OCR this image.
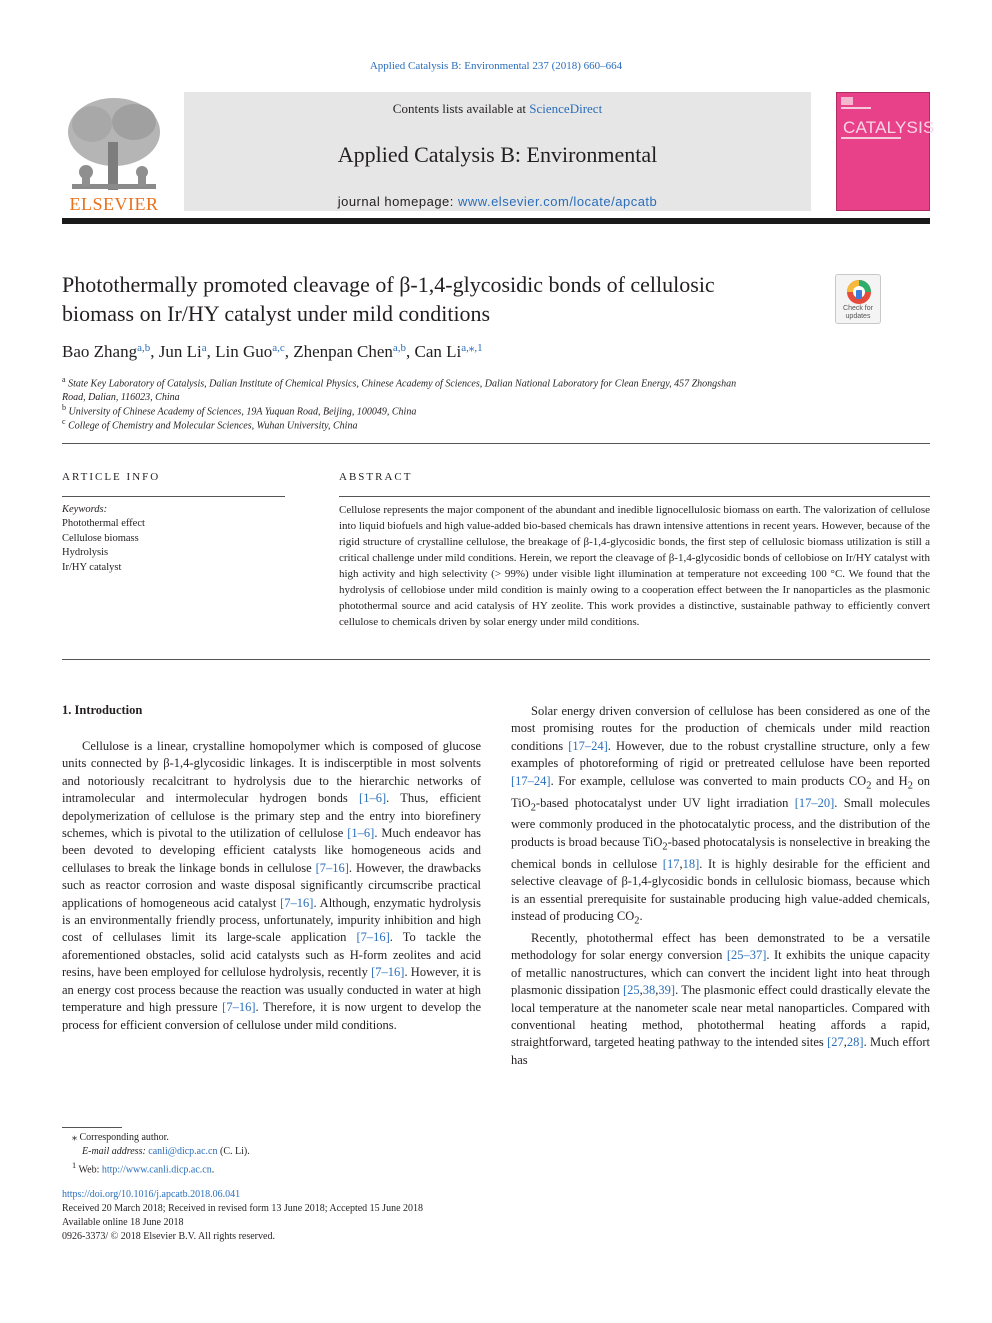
Applied Catalysis B: Environmental 237 (2018) 660–664
ELSEVIER
Contents lists available at ScienceDirect
Applied Catalysis B: Environmental
journal homepage: www.elsevier.com/locate/apcatb
CATALYSIS
Photothermally promoted cleavage of β-1,4-glycosidic bonds of cellulosic
biomass on Ir/HY catalyst under mild conditions	Check for updates
Bao Zhang$^{a,b}$, Jun Li$^a$, Lin Guo$^{a,c}$, Zhenpan Chen$^{a,b}$, Can $Li^{a,⁎,1}$
$^a$ State Key Laboratory of Catalysis, Dalian Institute of Chemical Physics, Chinese Academy of Sciences, Dalian National Laboratory for Clean Energy, 457 Zhongshan
Road, Dalian, 116023, China
$^b$ University of Chinese Academy of Sciences, 19A Yuquan Road, Beijing, 100049, China
$^c$ College of Chemistry and Molecular Sciences, Wuhan University, China
ARTICLE INFO	ABSTRACT
Keywords:
Photothermal effect
Cellulose biomass
Hydrolysis
Ir/HY catalyst
Cellulose represents the major component of the abundant and inedible lignocellulosic biomass on earth. The valorization of cellulose into liquid biofuels and high value-added bio-based chemicals has drawn intensive attentions in recent years. However, because of the rigid structure of crystalline cellulose, the breakage of β-1,4-glycosidic bonds, the first step of cellulosic biomass utilization is still a critical challenge under mild conditions. Herein, we report the cleavage of β-1,4-glycosidic bonds of cellobiose on Ir/HY catalyst with high activity and high selectivity (> 99%) under visible light illumination at temperature not exceeding 100 °C. We found that the hydrolysis of cellobiose under mild condition is mainly owing to a cooperation effect between the Ir nanoparticles as the plasmonic photothermal source and acid catalysis of HY zeolite. This work provides a distinctive, sustainable pathway to efficiently convert cellulose to chemicals driven by solar energy under mild conditions.
1. Introduction
Cellulose is a linear, crystalline homopolymer which is composed of glucose units connected by β-1,4-glycosidic linkages. It is indiscerptible in most solvents and notoriously recalcitrant to hydrolysis due to the hierarchic networks of intramolecular and intermolecular hydrogen bonds [1–6]. Thus, efficient depolymerization of cellulose is the primary step and the entry into biorefinery schemes, which is pivotal to the utilization of cellulose [1–6]. Much endeavor has been devoted to developing efficient catalysts like homogeneous acids and cellulases to break the linkage bonds in cellulose [7–16]. However, the drawbacks such as reactor corrosion and waste disposal significantly circumscribe practical applications of homogeneous acid catalyst [7–16]. Although, enzymatic hydrolysis is an environmentally friendly process, unfortunately, impurity inhibition and high cost of cellulases limit its large-scale application [7–16]. To tackle the aforementioned obstacles, solid acid catalysts such as H-form zeolites and acid resins, have been employed for cellulose hydrolysis, recently [7–16]. However, it is an energy cost process because the reaction was usually conducted in water at high temperature and high pressure [7–16]. Therefore, it is now urgent to develop the process for efficient conversion of cellulose under mild conditions.

Solar energy driven conversion of cellulose has been considered as one of the most promising routes for the production of chemicals under mild reaction conditions [17–24]. However, due to the robust crystalline structure, only a few examples of photoreforming of rigid or pretreated cellulose have been reported [17–24]. For example, cellulose was converted to main products $CO_2$ and $H_2$ on TiO$_2$-based photocatalyst under UV light irradiation [17–20]. Small molecules were commonly produced in the photocatalytic process, and the distribution of the products is broad because TiO$_2$-based photocatalysis is nonselective in breaking the chemical bonds in cellulose [17,18]. It is highly desirable for the efficient and selective cleavage of β-1,4-glycosidic bonds in cellulosic biomass, because which is an essential prerequisite for sustainable producing high value-added chemicals, instead of producing $CO_2$.

Recently, photothermal effect has been demonstrated to be a versatile methodology for solar energy conversion [25–37]. It exhibits the unique capacity of metallic nanostructures, which can convert the incident light into heat through plasmonic dissipation [25,38,39]. The plasmonic effect could drastically elevate the local temperature at the nanometer scale near metal nanoparticles. Compared with conventional heating method, photothermal heating affords a rapid, straightforward, targeted heating pathway to the intended sites [27,28]. Much effort has

⁎ Corresponding author.
E-mail address: canli@dicp.ac.cn (C. Li).
$^1$ Web: http://www.canli.dicp.ac.cn.
https://doi.org/10.1016/j.apcatb.2018.06.041
Received 20 March 2018; Received in revised form 13 June 2018; Accepted 15 June 2018
Available online 18 June 2018
0926-3373/ © 2018 Elsevier B.V. All rights reserved.
